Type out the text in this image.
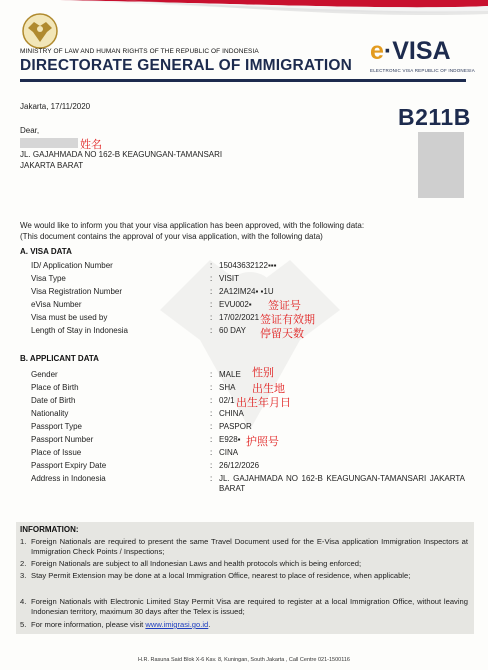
MINISTRY OF LAW AND HUMAN RIGHTS OF THE REPUBLIC OF INDONESIA
DIRECTORATE GENERAL OF IMMIGRATION
e·VISA
ELECTRONIC VISA REPUBLIC OF INDONESIA
Jakarta, 17/11/2020	B211B
Dear,
姓名
JL. GAJAHMADA NO 162-B KEAGUNGAN-TAMANSARI
JAKARTA BARAT
We would like to inform you that your visa application has been approved, with the following data:
(This document contains the approval of your visa application, with the following data)
A. VISA DATA
ID/ Application Number	: 15043632122▪▪▪
Visa Type	: VISIT
Visa Registration Number	: 2A12IM24▪ ▪1U
eVisa Number	: EVU002▪ 签证号
Visa must be used by	: 17/02/2021 签证有效期
Length of Stay in Indonesia	: 60 DAY 停留天数
B. APPLICANT DATA
Gender	: MALE 性别
Place of Birth	: SHA 出生地
Date of Birth	: 02/1 出生年月日
Nationality	: CHINA
Passport Type	: PASPOR
Passport Number	: E928▪ 护照号
Place of Issue	: CINA
Passport Expiry Date	: 26/12/2026
Address in Indonesia	: JL. GAJAHMADA NO 162-B KEAGUNGAN-TAMANSARI JAKARTA BARAT
INFORMATION:
1. Foreign Nationals are required to present the same Travel Document used for the E-Visa application Immigration Inspectors at Immigration Check Points / Inspections;
2. Foreign Nationals are subject to all Indonesian Laws and health protocols which is being enforced;
3. Stay Permit Extension may be done at a local Immigration Office, nearest to place of residence, when applicable;
4. Foreign Nationals with Electronic Limited Stay Permit Visa are required to register at a local Immigration Office, without leaving Indonesian territory, maximum 30 days after the Telex is issued;
5. For more information, please visit www.imigrasi.go.id.
H.R. Rasuna Said Blok X-6 Kav. 8, Kuningan, South Jakarta , Call Centre 021-1500116
